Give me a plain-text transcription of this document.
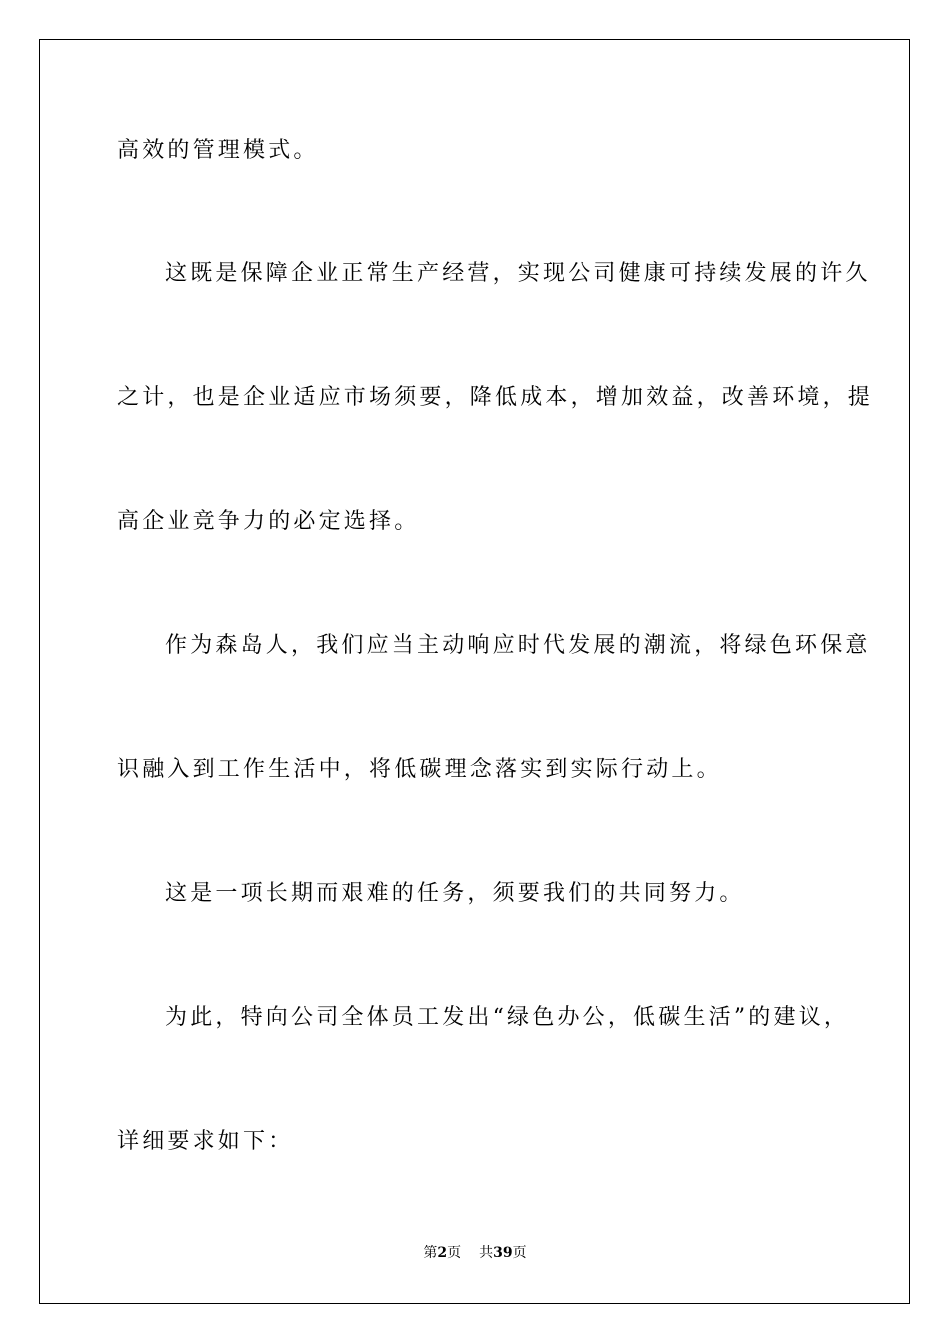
高效的管理模式。
这既是保障企业正常生产经营，实现公司健康可持续发展的许久
之计，也是企业适应市场须要，降低成本，增加效益，改善环境，提
高企业竞争力的必定选择。
作为森岛人，我们应当主动响应时代发展的潮流，将绿色环保意
识融入到工作生活中，将低碳理念落实到实际行动上。
这是一项长期而艰难的任务，须要我们的共同努力。
为此，特向公司全体员工发出“绿色办公，低碳生活”的建议，
详细要求如下：
第2页 共39页
